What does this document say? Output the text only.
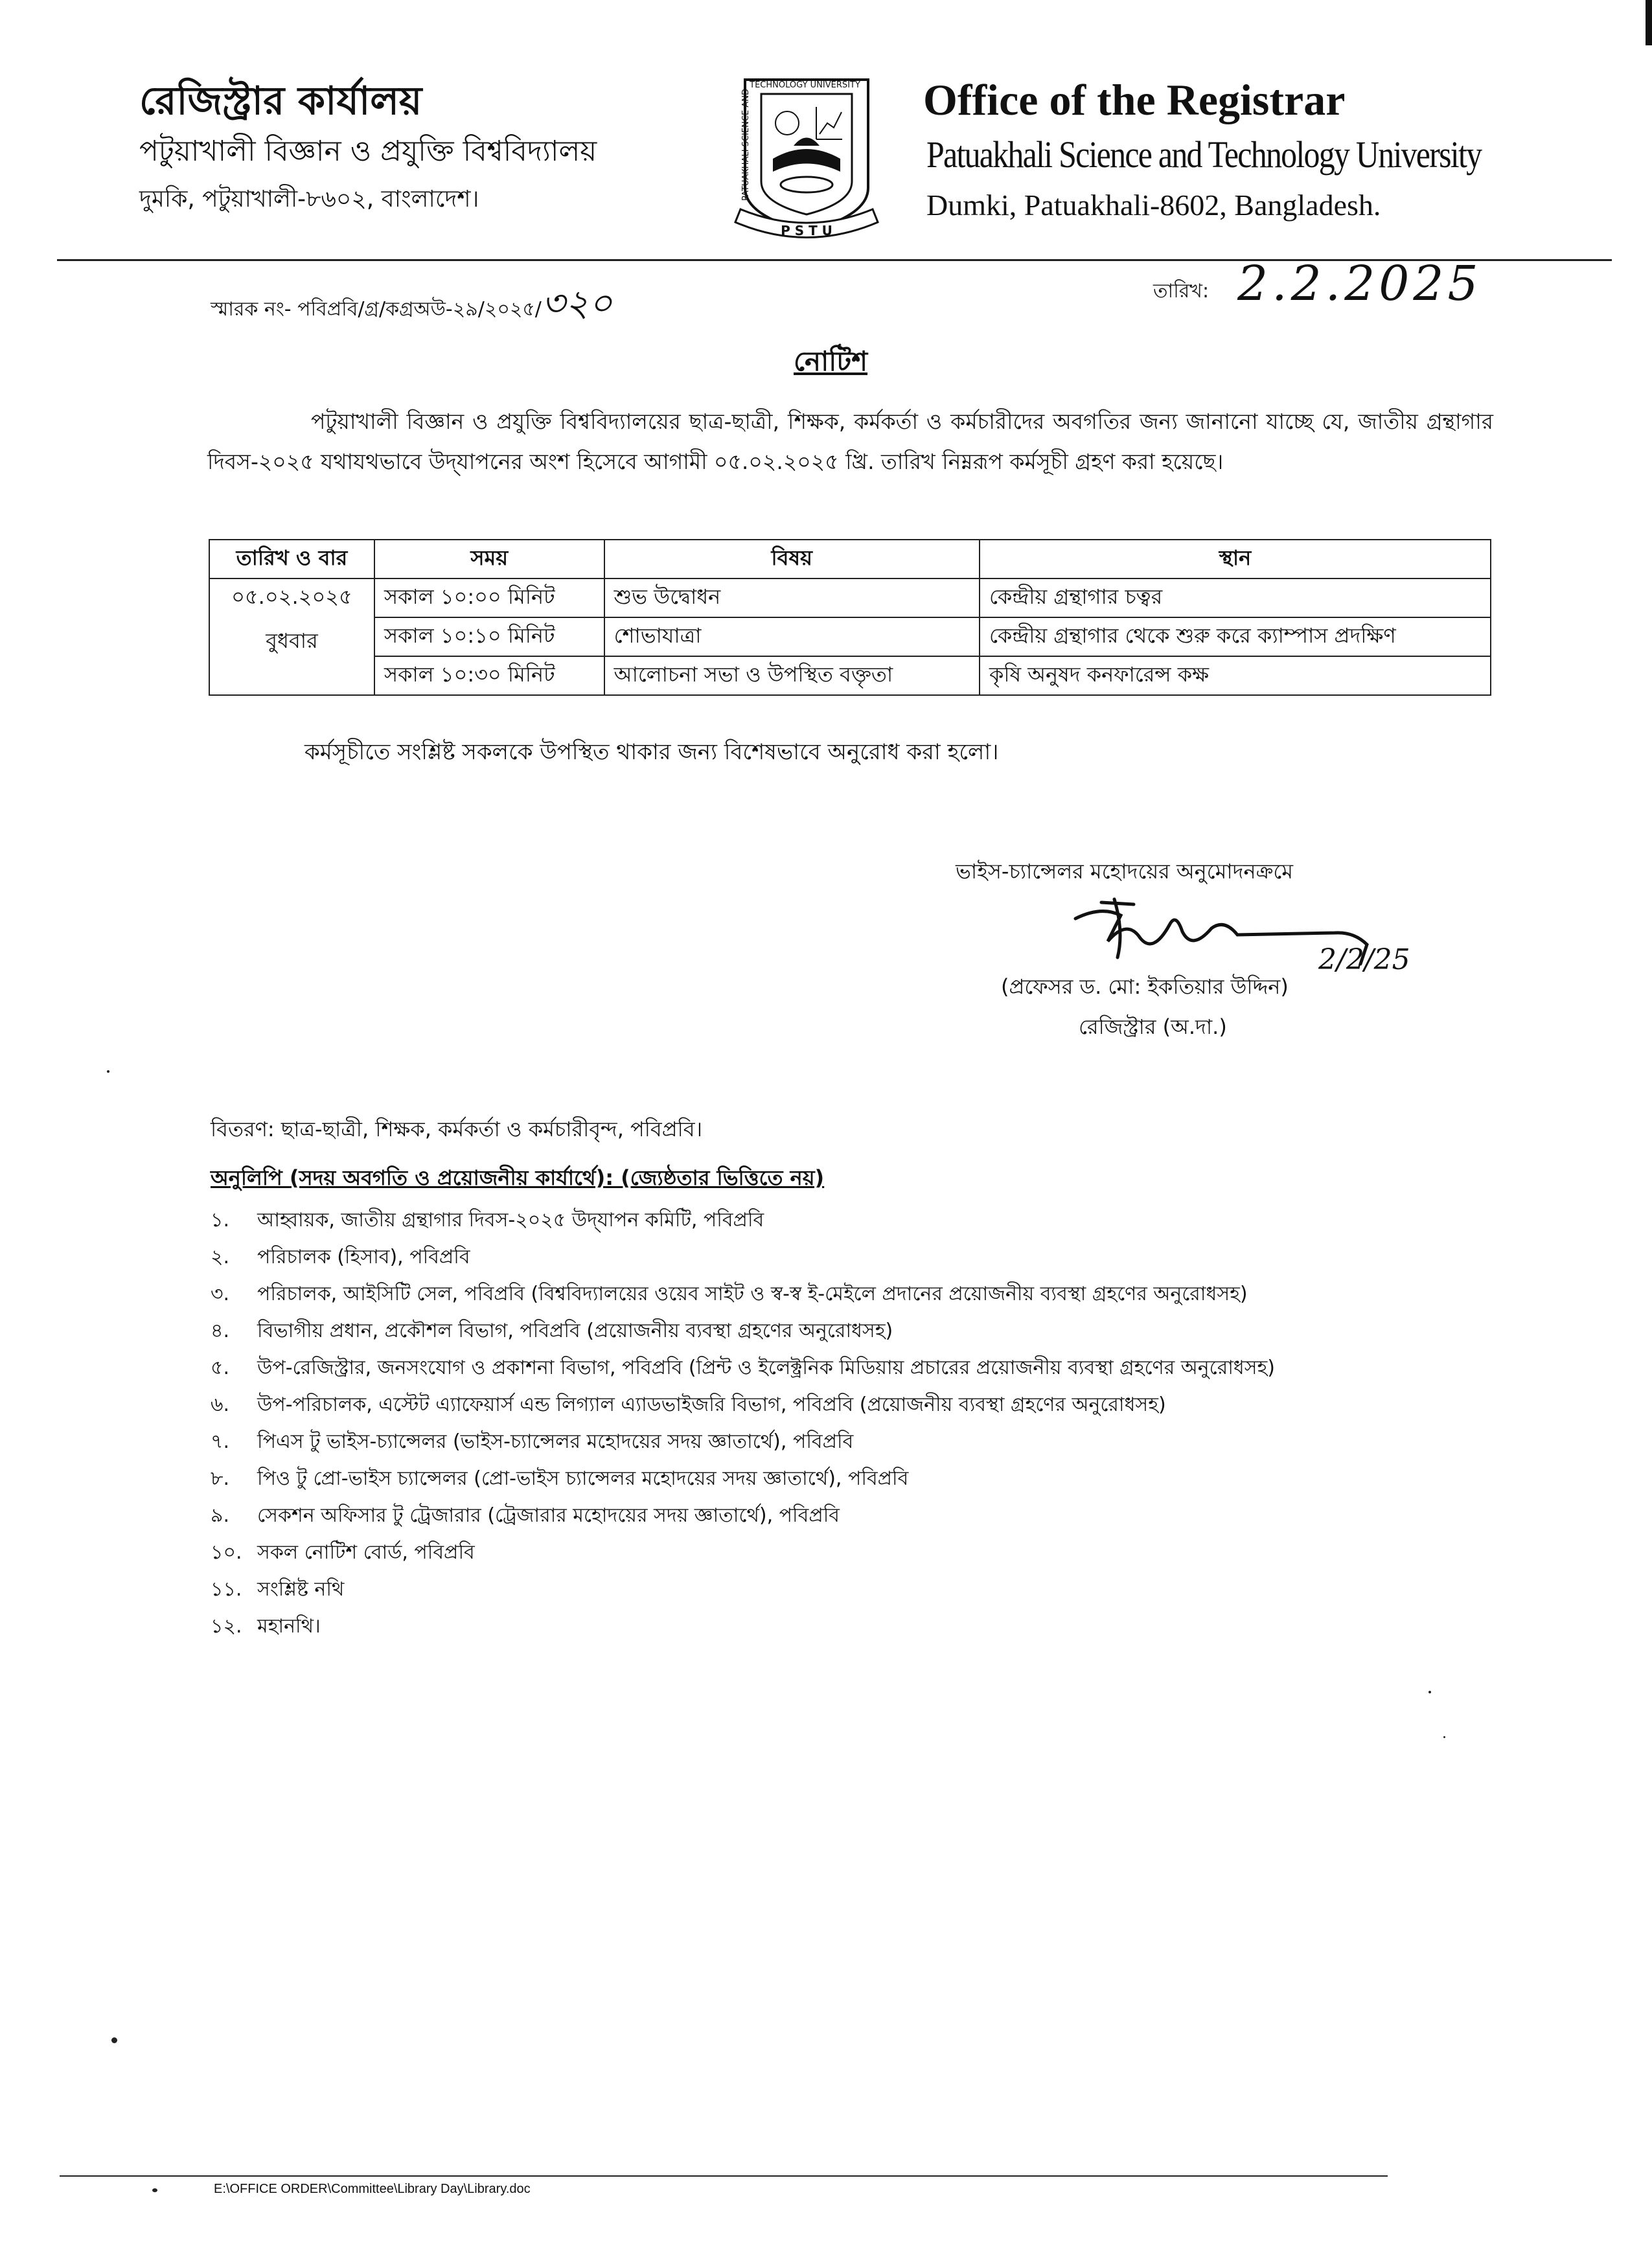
রেজিস্ট্রার কার্যালয়
পটুয়াখালী বিজ্ঞান ও প্রযুক্তি বিশ্ববিদ্যালয়
দুমকি, পটুয়াখালী-৮৬০২, বাংলাদেশ।	PATUAKHALI SCIENCE AND TECHNOLOGY UNIVERSITY
P S T U
Office of the Registrar
Patuakhali Science and Technology University
Dumki, Patuakhali-8602, Bangladesh.
স্মারক নং- পবিপ্রবি/গ্র/কগ্রঅউ-২৯/২০২৫/৩২০	তারিখ: 2.2.2025
নোটিশ
পটুয়াখালী বিজ্ঞান ও প্রযুক্তি বিশ্ববিদ্যালয়ের ছাত্র-ছাত্রী, শিক্ষক, কর্মকর্তা ও কর্মচারীদের অবগতির জন্য জানানো যাচ্ছে যে, জাতীয় গ্রন্থাগার দিবস-২০২৫ যথাযথভাবে উদ্‌যাপনের অংশ হিসেবে আগামী ০৫.০২.২০২৫ খ্রি. তারিখ নিম্নরূপ কর্মসূচী গ্রহণ করা হয়েছে।
তারিখ ও বার	সময়	বিষয়	স্থান
০৫.০২.২০২৫
বুধবার	সকাল ১০:০০ মিনিট	শুভ উদ্বোধন	কেন্দ্রীয় গ্রন্থাগার চত্বর
	সকাল ১০:১০ মিনিট	শোভাযাত্রা	কেন্দ্রীয় গ্রন্থাগার থেকে শুরু করে ক্যাম্পাস প্রদক্ষিণ
	সকাল ১০:৩০ মিনিট	আলোচনা সভা ও উপস্থিত বক্তৃতা	কৃষি অনুষদ কনফারেন্স কক্ষ
কর্মসূচীতে সংশ্লিষ্ট সকলকে উপস্থিত থাকার জন্য বিশেষভাবে অনুরোধ করা হলো।
ভাইস-চ্যান্সেলর মহোদয়ের অনুমোদনক্রমে
2/2/25
(প্রফেসর ড. মো: ইকতিয়ার উদ্দিন)
রেজিস্ট্রার (অ.দা.)
বিতরণ: ছাত্র-ছাত্রী, শিক্ষক, কর্মকর্তা ও কর্মচারীবৃন্দ, পবিপ্রবি।
অনুলিপি (সদয় অবগতি ও প্রয়োজনীয় কার্যার্থে): (জ্যেষ্ঠতার ভিত্তিতে নয়)
১.	আহ্বায়ক, জাতীয় গ্রন্থাগার দিবস-২০২৫ উদ্‌যাপন কমিটি, পবিপ্রবি
২.	পরিচালক (হিসাব), পবিপ্রবি
৩.	পরিচালক, আইসিটি সেল, পবিপ্রবি (বিশ্ববিদ্যালয়ের ওয়েব সাইট ও স্ব-স্ব ই-মেইলে প্রদানের প্রয়োজনীয় ব্যবস্থা গ্রহণের অনুরোধসহ)
৪.	বিভাগীয় প্রধান, প্রকৌশল বিভাগ, পবিপ্রবি (প্রয়োজনীয় ব্যবস্থা গ্রহণের অনুরোধসহ)
৫.	উপ-রেজিস্ট্রার, জনসংযোগ ও প্রকাশনা বিভাগ, পবিপ্রবি (প্রিন্ট ও ইলেক্ট্রনিক মিডিয়ায় প্রচারের প্রয়োজনীয় ব্যবস্থা গ্রহণের অনুরোধসহ)
৬.	উপ-পরিচালক, এস্টেট এ্যাফেয়ার্স এন্ড লিগ্যাল এ্যাডভাইজরি বিভাগ, পবিপ্রবি (প্রয়োজনীয় ব্যবস্থা গ্রহণের অনুরোধসহ)
৭.	পিএস টু ভাইস-চ্যান্সেলর (ভাইস-চ্যান্সেলর মহোদয়ের সদয় জ্ঞাতার্থে), পবিপ্রবি
৮.	পিও টু প্রো-ভাইস চ্যান্সেলর (প্রো-ভাইস চ্যান্সেলর মহোদয়ের সদয় জ্ঞাতার্থে), পবিপ্রবি
৯.	সেকশন অফিসার টু ট্রেজারার (ট্রেজারার মহোদয়ের সদয় জ্ঞাতার্থে), পবিপ্রবি
১০. সকল নোটিশ বোর্ড, পবিপ্রবি
১১. সংশ্লিষ্ট নথি
১২. মহানথি।
E:\OFFICE ORDER\Committee\Library Day\Library.doc
